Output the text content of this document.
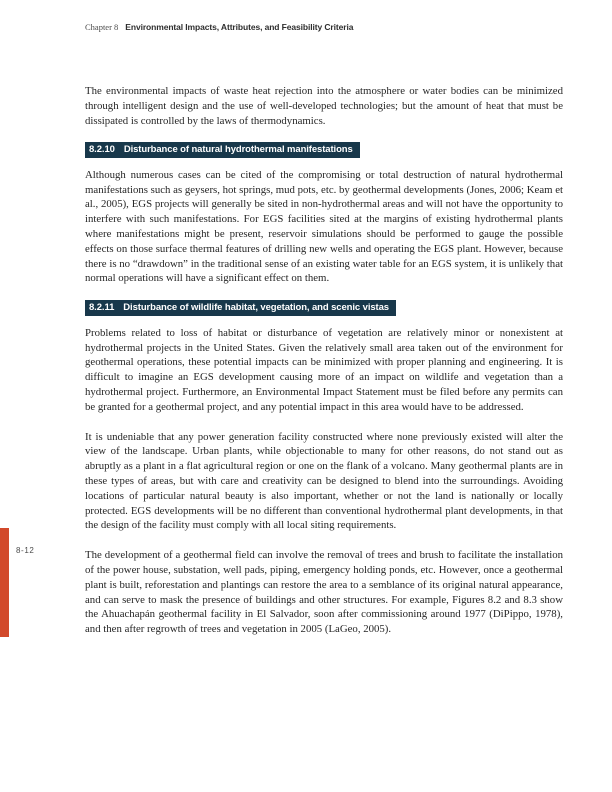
Chapter 8 Environmental Impacts, Attributes, and Feasibility Criteria
8-12

The environmental impacts of waste heat rejection into the atmosphere or water bodies can be minimized through intelligent design and the use of well-developed technologies; but the amount of heat that must be dissipated is controlled by the laws of thermodynamics.

8.2.10 Disturbance of natural hydrothermal manifestations

Although numerous cases can be cited of the compromising or total destruction of natural hydrothermal manifestations such as geysers, hot springs, mud pots, etc. by geothermal developments (Jones, 2006; Keam et al., 2005), EGS projects will generally be sited in non-hydrothermal areas and will not have the opportunity to interfere with such manifestations. For EGS facilities sited at the margins of existing hydrothermal plants where manifestations might be present, reservoir simulations should be performed to gauge the possible effects on those surface thermal features of drilling new wells and operating the EGS plant. However, because there is no “drawdown” in the traditional sense of an existing water table for an EGS system, it is unlikely that normal operations will have a significant effect on them.

8.2.11 Disturbance of wildlife habitat, vegetation, and scenic vistas

Problems related to loss of habitat or disturbance of vegetation are relatively minor or nonexistent at hydrothermal projects in the United States. Given the relatively small area taken out of the environment for geothermal operations, these potential impacts can be minimized with proper planning and engineering. It is difficult to imagine an EGS development causing more of an impact on wildlife and vegetation than a hydrothermal project. Furthermore, an Environmental Impact Statement must be filed before any permits can be granted for a geothermal project, and any potential impact in this area would have to be addressed.

It is undeniable that any power generation facility constructed where none previously existed will alter the view of the landscape. Urban plants, while objectionable to many for other reasons, do not stand out as abruptly as a plant in a flat agricultural region or one on the flank of a volcano. Many geothermal plants are in these types of areas, but with care and creativity can be designed to blend into the surroundings. Avoiding locations of particular natural beauty is also important, whether or not the land is nationally or locally protected. EGS developments will be no different than conventional hydrothermal plant developments, in that the design of the facility must comply with all local siting requirements.

The development of a geothermal field can involve the removal of trees and brush to facilitate the installation of the power house, substation, well pads, piping, emergency holding ponds, etc. However, once a geothermal plant is built, reforestation and plantings can restore the area to a semblance of its original natural appearance, and can serve to mask the presence of buildings and other structures. For example, Figures 8.2 and 8.3 show the Ahuachapán geothermal facility in El Salvador, soon after commissioning around 1977 (DiPippo, 1978), and then after regrowth of trees and vegetation in 2005 (LaGeo, 2005).
